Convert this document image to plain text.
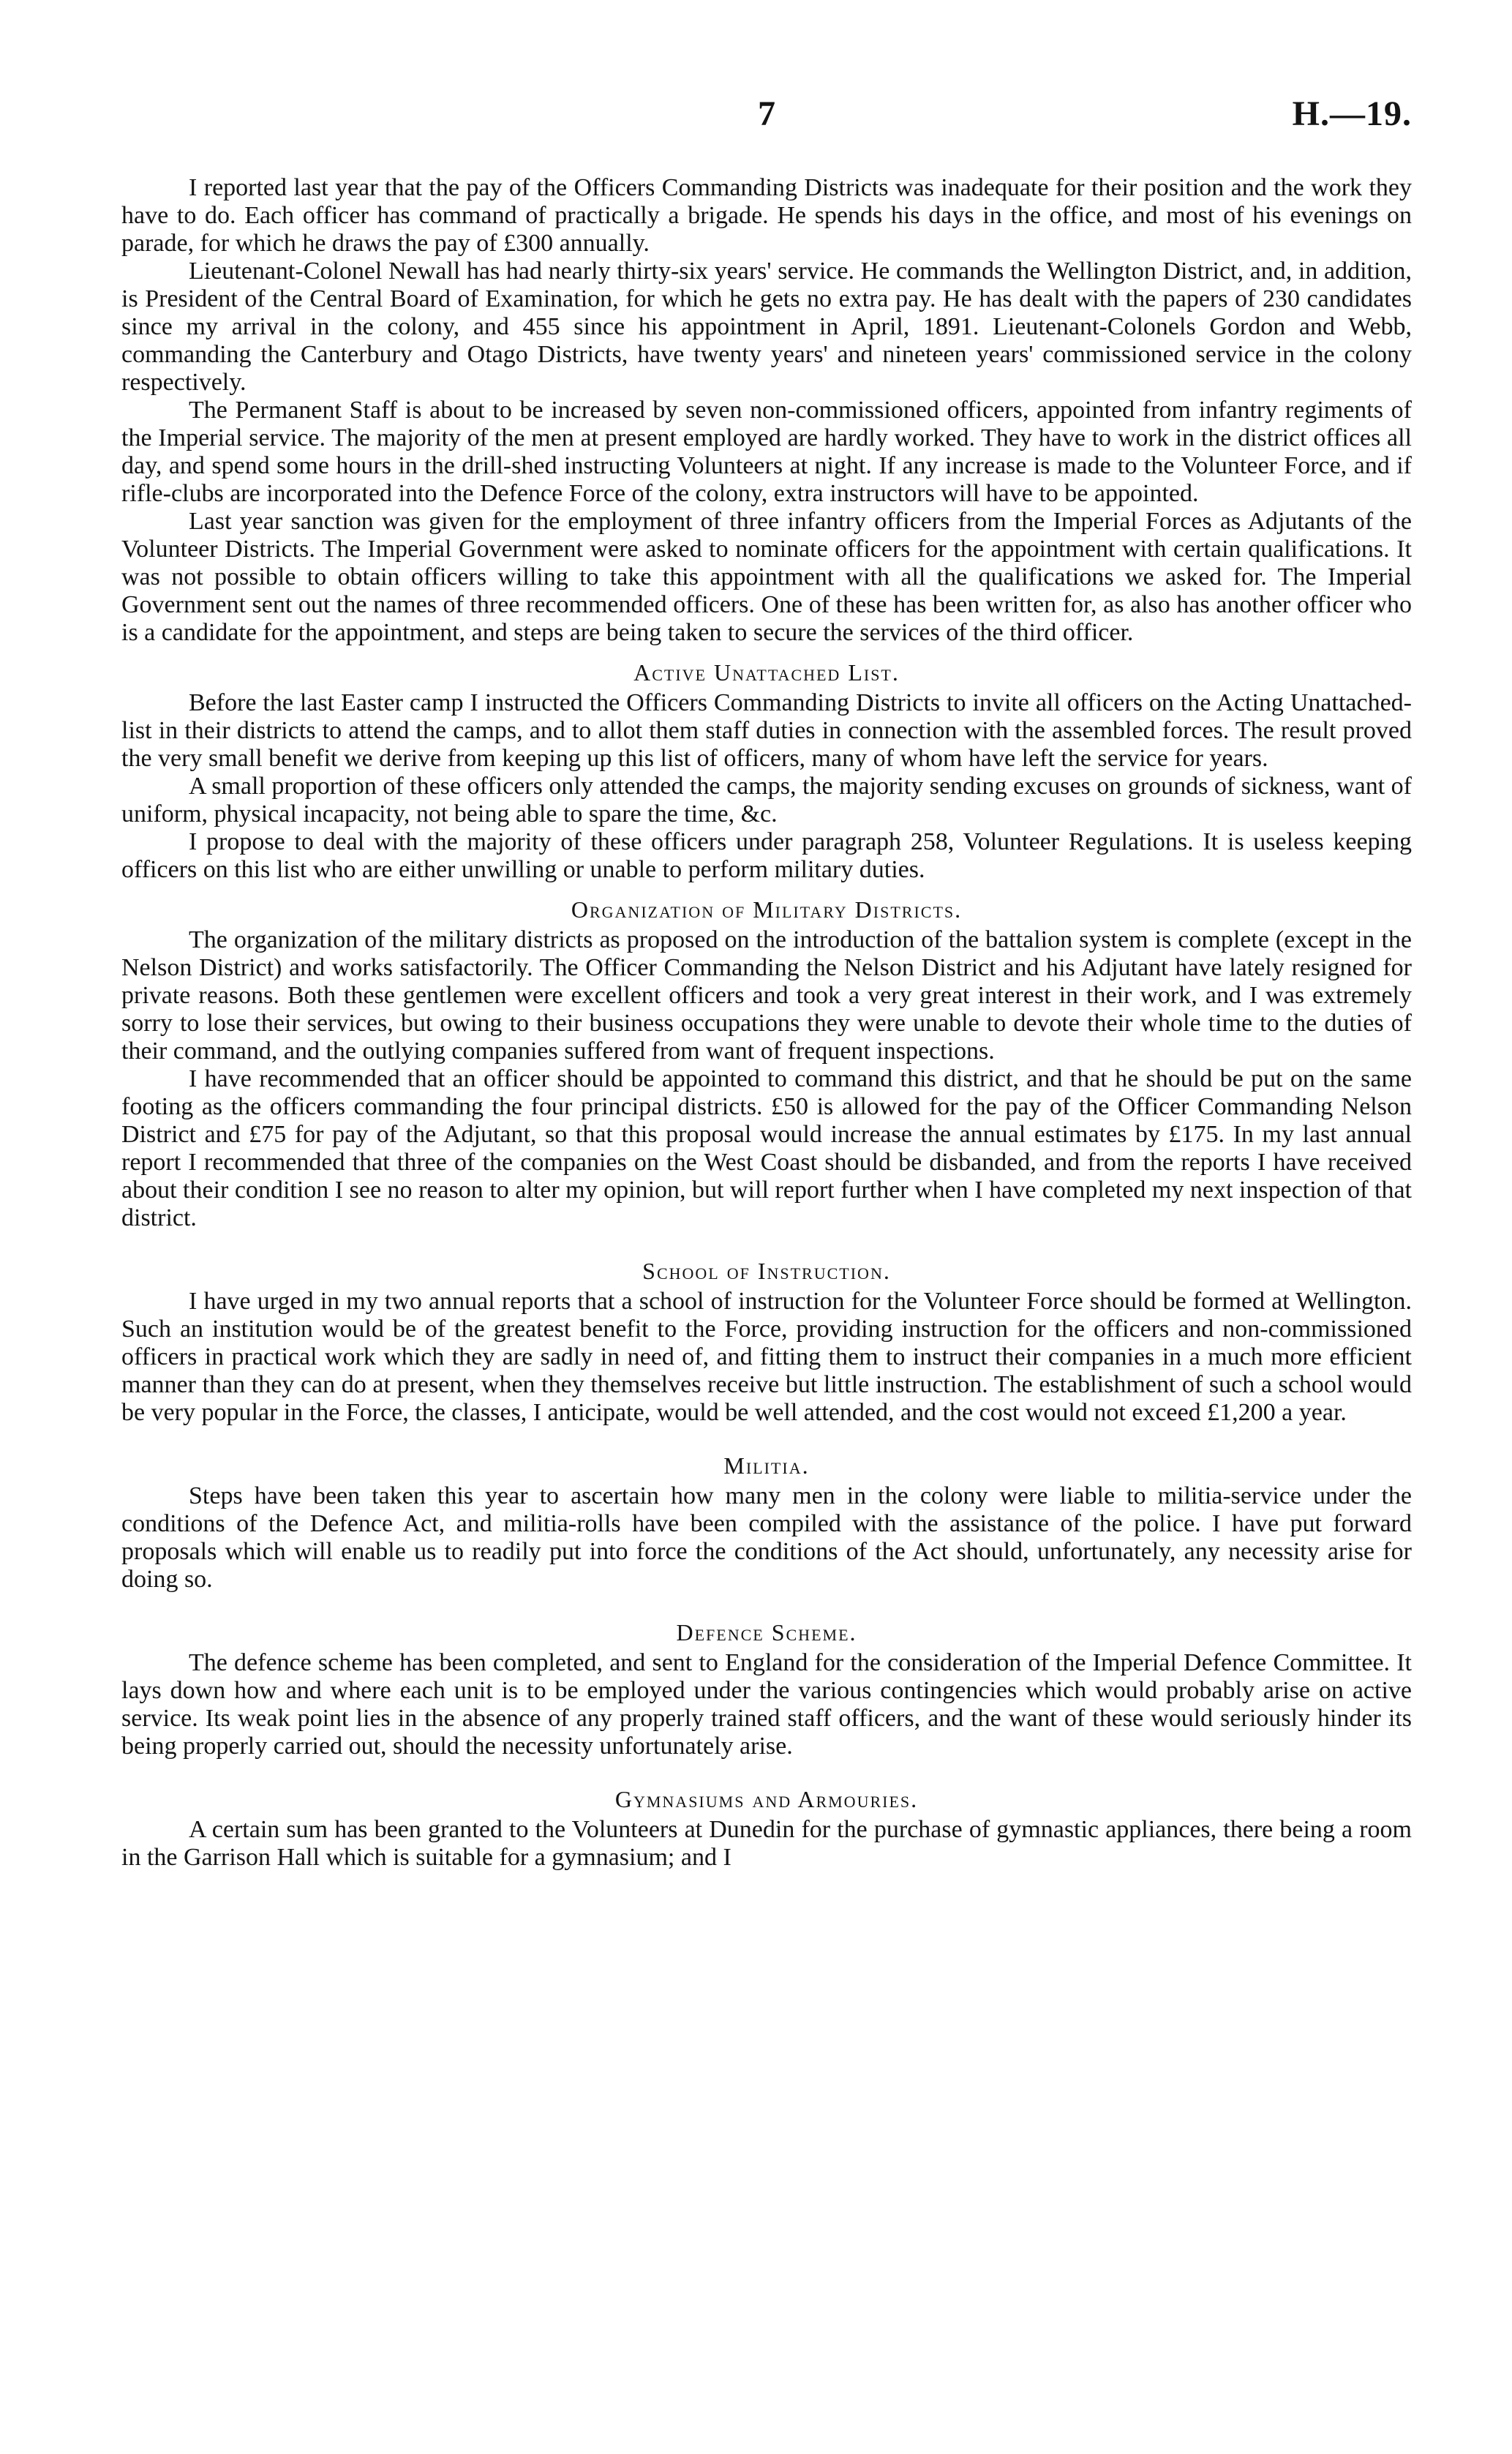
7	H.—19.

I reported last year that the pay of the Officers Commanding Districts was inadequate for their position and the work they have to do. Each officer has command of practically a brigade. He spends his days in the office, and most of his evenings on parade, for which he draws the pay of £300 annually.

Lieutenant-Colonel Newall has had nearly thirty-six years' service. He commands the Wellington District, and, in addition, is President of the Central Board of Examination, for which he gets no extra pay. He has dealt with the papers of 230 candidates since my arrival in the colony, and 455 since his appointment in April, 1891. Lieutenant-Colonels Gordon and Webb, commanding the Canterbury and Otago Districts, have twenty years' and nineteen years' commissioned service in the colony respectively.

The Permanent Staff is about to be increased by seven non-commissioned officers, appointed from infantry regiments of the Imperial service. The majority of the men at present employed are hardly worked. They have to work in the district offices all day, and spend some hours in the drill-shed instructing Volunteers at night. If any increase is made to the Volunteer Force, and if rifle-clubs are incorporated into the Defence Force of the colony, extra instructors will have to be appointed.

Last year sanction was given for the employment of three infantry officers from the Imperial Forces as Adjutants of the Volunteer Districts. The Imperial Government were asked to nominate officers for the appointment with certain qualifications. It was not possible to obtain officers willing to take this appointment with all the qualifications we asked for. The Imperial Government sent out the names of three recommended officers. One of these has been written for, as also has another officer who is a candidate for the appointment, and steps are being taken to secure the services of the third officer.

Active Unattached List.

Before the last Easter camp I instructed the Officers Commanding Districts to invite all officers on the Acting Unattached-list in their districts to attend the camps, and to allot them staff duties in connection with the assembled forces. The result proved the very small benefit we derive from keeping up this list of officers, many of whom have left the service for years.

A small proportion of these officers only attended the camps, the majority sending excuses on grounds of sickness, want of uniform, physical incapacity, not being able to spare the time, &c.

I propose to deal with the majority of these officers under paragraph 258, Volunteer Regulations. It is useless keeping officers on this list who are either unwilling or unable to perform military duties.

Organization of Military Districts.

The organization of the military districts as proposed on the introduction of the battalion system is complete (except in the Nelson District) and works satisfactorily. The Officer Commanding the Nelson District and his Adjutant have lately resigned for private reasons. Both these gentlemen were excellent officers and took a very great interest in their work, and I was extremely sorry to lose their services, but owing to their business occupations they were unable to devote their whole time to the duties of their command, and the outlying companies suffered from want of frequent inspections.

I have recommended that an officer should be appointed to command this district, and that he should be put on the same footing as the officers commanding the four principal districts. £50 is allowed for the pay of the Officer Commanding Nelson District and £75 for pay of the Adjutant, so that this proposal would increase the annual estimates by £175. In my last annual report I recommended that three of the companies on the West Coast should be disbanded, and from the reports I have received about their condition I see no reason to alter my opinion, but will report further when I have completed my next inspection of that district.

School of Instruction.

I have urged in my two annual reports that a school of instruction for the Volunteer Force should be formed at Wellington. Such an institution would be of the greatest benefit to the Force, providing instruction for the officers and non-commissioned officers in practical work which they are sadly in need of, and fitting them to instruct their companies in a much more efficient manner than they can do at present, when they themselves receive but little instruction. The establishment of such a school would be very popular in the Force, the classes, I anticipate, would be well attended, and the cost would not exceed £1,200 a year.

Militia.

Steps have been taken this year to ascertain how many men in the colony were liable to militia-service under the conditions of the Defence Act, and militia-rolls have been compiled with the assistance of the police. I have put forward proposals which will enable us to readily put into force the conditions of the Act should, unfortunately, any necessity arise for doing so.

Defence Scheme.

The defence scheme has been completed, and sent to England for the consideration of the Imperial Defence Committee. It lays down how and where each unit is to be employed under the various contingencies which would probably arise on active service. Its weak point lies in the absence of any properly trained staff officers, and the want of these would seriously hinder its being properly carried out, should the necessity unfortunately arise.

Gymnasiums and Armouries.

A certain sum has been granted to the Volunteers at Dunedin for the purchase of gymnastic appliances, there being a room in the Garrison Hall which is suitable for a gymnasium; and I
